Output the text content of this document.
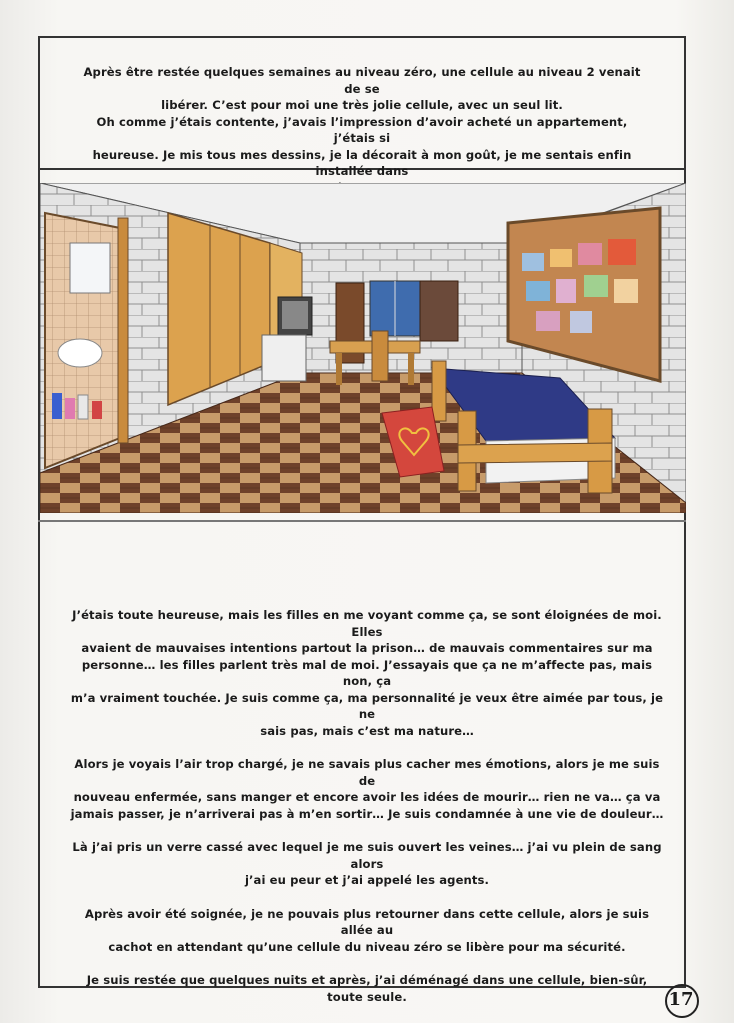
Après être restée quelques semaines au niveau zéro, une cellule au niveau 2 venait de se
libérer. C’est pour moi une très jolie cellule, avec un seul lit.
Oh comme j’étais contente, j’avais l’impression d’avoir acheté un appartement, j’étais si
heureuse. Je mis tous mes dessins, je la décorait à mon goût, je me sentais enfin installée dans
J’étais toute heureuse, mais les filles en me voyant comme ça, se sont éloignées de moi. Elles
avaient de mauvaises intentions partout la prison… de mauvais commentaires sur ma
personne… les filles parlent très mal de moi. J’essayais que ça ne m’affecte pas, mais non, ça
m’a vraiment touchée. Je suis comme ça, ma personnalité je veux être aimée par tous, je ne
sais pas, mais c’est ma nature…
Alors je voyais l’air trop chargé, je ne savais plus cacher mes émotions, alors je me suis de
nouveau enfermée, sans manger et encore avoir les idées de mourir… rien ne va… ça va
jamais passer, je n’arriverai pas à m’en sortir… Je suis condamnée à une vie de douleur…
Là j’ai pris un verre cassé avec lequel je me suis ouvert les veines… j’ai vu plein de sang alors
j’ai eu peur et j’ai appelé les agents.
Après avoir été soignée, je ne pouvais plus retourner dans cette cellule, alors je suis allée au
cachot en attendant qu’une cellule du niveau zéro se libère pour ma sécurité.
Je suis restée que quelques nuits et après, j’ai déménagé dans une cellule, bien-sûr, toute seule.	17
